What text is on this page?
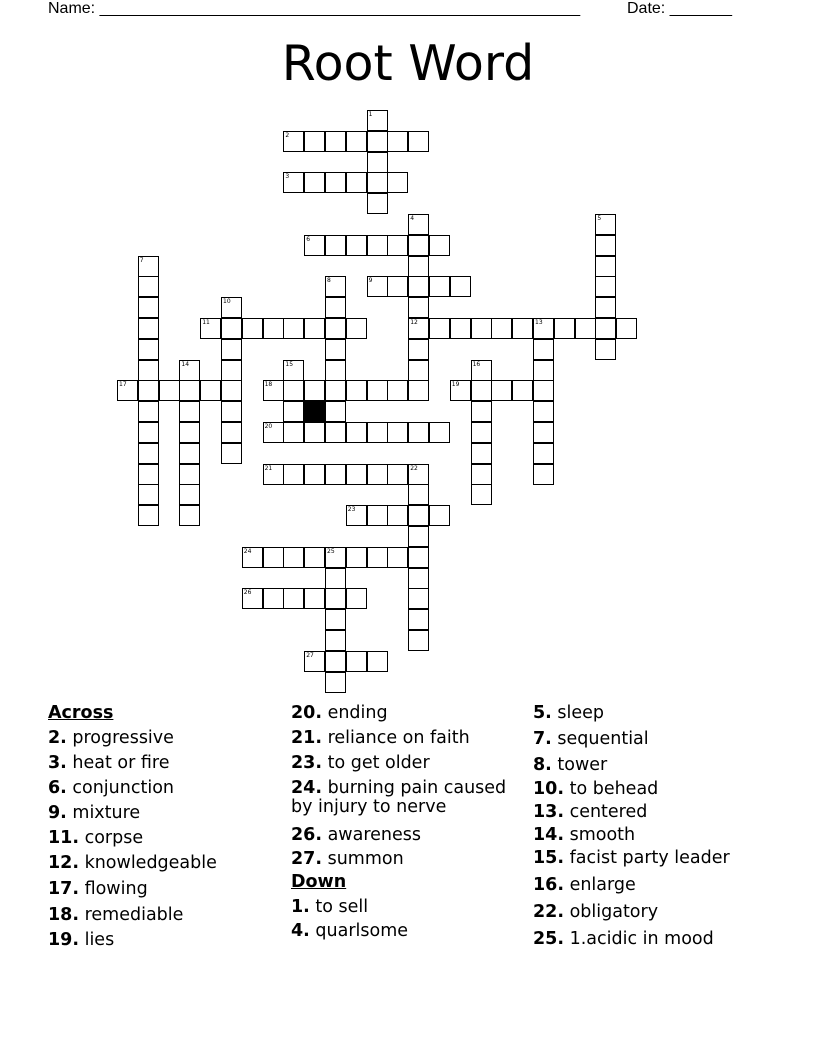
Name: ______________________________________________________	Date: _______
Root Word
1
2
3
4
12
5
6
7
8	9
10
11	13
14	15	16
17	18	19
20
21	22
23
24	25
26
27
Across
2. progressive
3. heat or fire
6. conjunction
9. mixture
11. corpse
12. knowledgeable
17. flowing
18. remediable
19. lies
20. ending
21. reliance on faith
23. to get older
24. burning pain caused by injury to nerve
26. awareness
27. summon
Down
1. to sell
4. quarlsome
5. sleep
7. sequential
8. tower
10. to behead
13. centered
14. smooth
15. facist party leader
16. enlarge
22. obligatory
25. 1.acidic in mood
